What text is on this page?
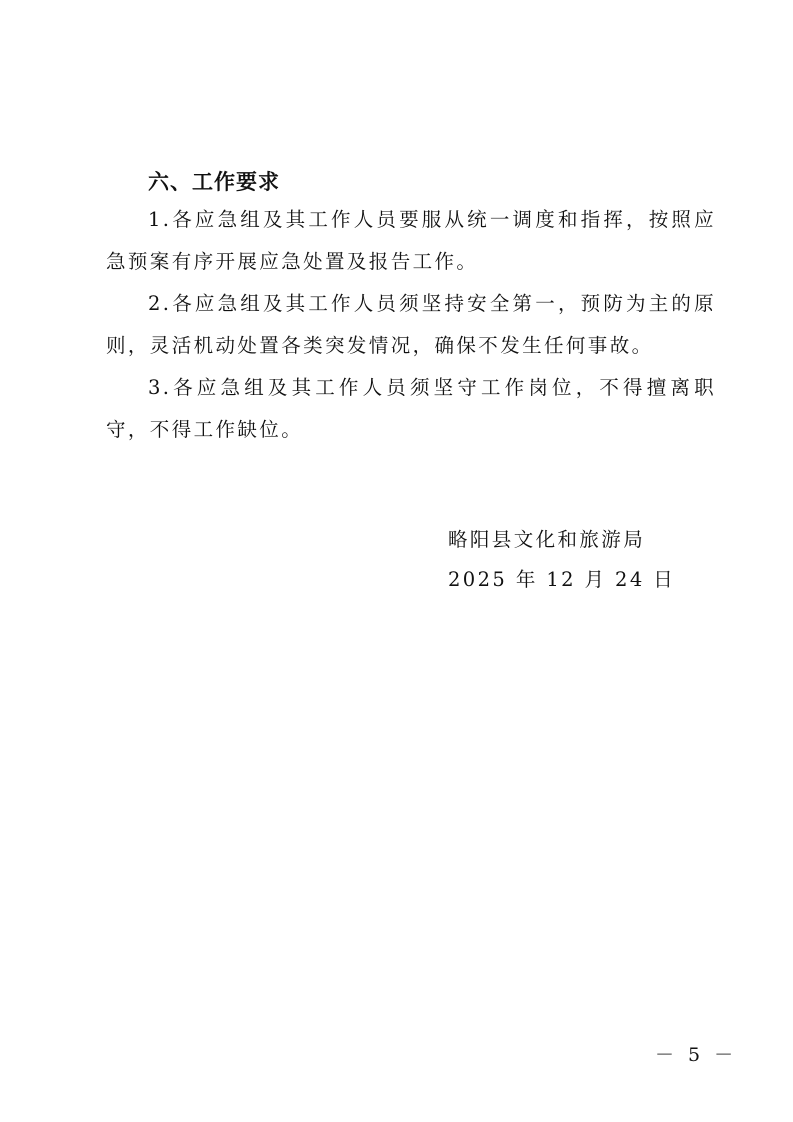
六、工作要求

1.各应急组及其工作人员要服从统一调度和指挥，按照应急预案有序开展应急处置及报告工作。

2.各应急组及其工作人员须坚持安全第一，预防为主的原则，灵活机动处置各类突发情况，确保不发生任何事故。

3.各应急组及其工作人员须坚守工作岗位，不得擅离职守，不得工作缺位。

略阳县文化和旅游局
2025 年 12 月 24 日
－ 5 －
